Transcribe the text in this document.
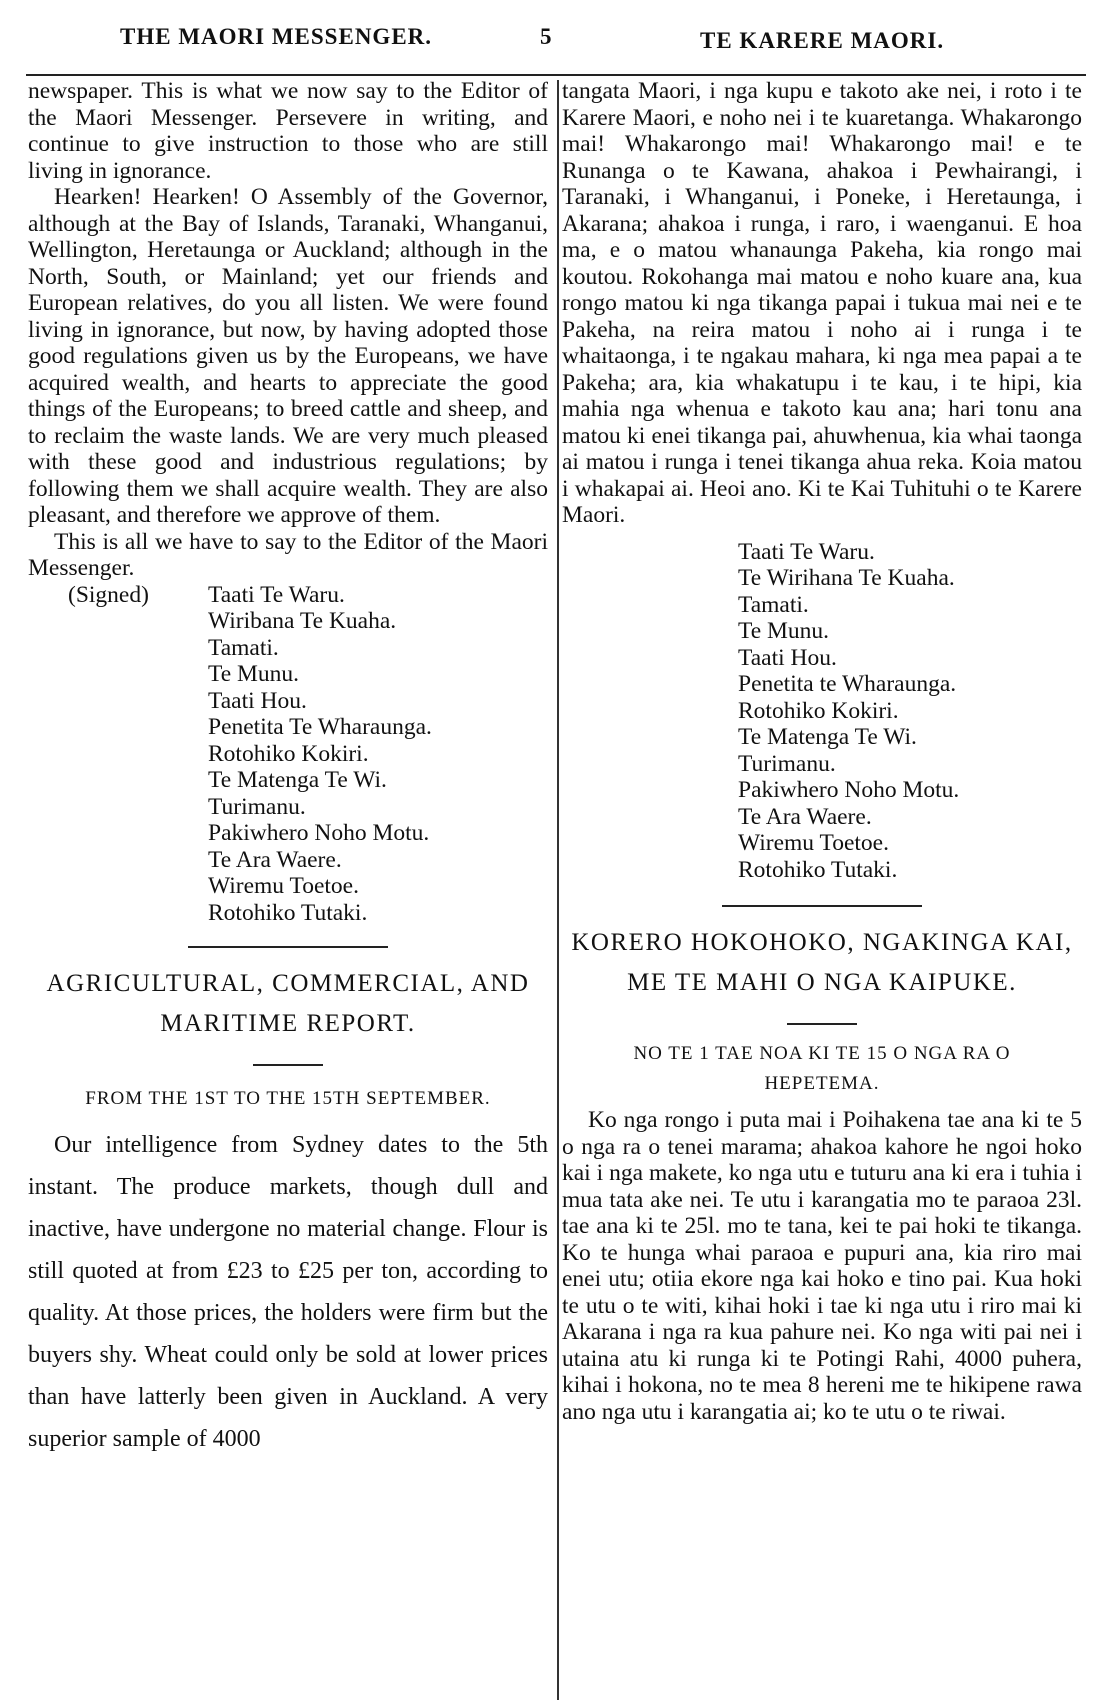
THE MAORI MESSENGER.	5	TE KARERE MAORI.

newspaper. This is what we now say to the Editor of the Maori Messenger. Persevere in writing, and continue to give instruction to those who are still living in ignorance.

Hearken! Hearken! O Assembly of the Governor, although at the Bay of Islands, Taranaki, Whanganui, Wellington, Heretaunga or Auckland; although in the North, South, or Mainland; yet our friends and European relatives, do you all listen. We were found living in ignorance, but now, by having adopted those good regulations given us by the Europeans, we have acquired wealth, and hearts to appreciate the good things of the Europeans; to breed cattle and sheep, and to reclaim the waste lands. We are very much pleased with these good and industrious regulations; by following them we shall acquire wealth. They are also pleasant, and therefore we approve of them.

This is all we have to say to the Editor of the Maori Messenger.

(Signed)	Taati Te Waru.
Wiribana Te Kuaha.
Tamati.
Te Munu.
Taati Hou.
Penetita Te Wharaunga.
Rotohiko Kokiri.
Te Matenga Te Wi.
Turimanu.
Pakiwhero Noho Motu.
Te Ara Waere.
Wiremu Toetoe.
Rotohiko Tutaki.

AGRICULTURAL, COMMERCIAL, AND

MARITIME REPORT.

FROM THE 1ST TO THE 15TH SEPTEMBER.

Our intelligence from Sydney dates to the 5th instant. The produce markets, though dull and inactive, have undergone no material change. Flour is still quoted at from £23 to £25 per ton, according to quality. At those prices, the holders were firm but the buyers shy. Wheat could only be sold at lower prices than have latterly been given in Auckland. A very superior sample of 4000

tangata Maori, i nga kupu e takoto ake nei, i roto i te Karere Maori, e noho nei i te kuaretanga. Whakarongo mai! Whakarongo mai! Whakarongo mai! e te Runanga o te Kawana, ahakoa i Pewhairangi, i Taranaki, i Whanganui, i Poneke, i Heretaunga, i Akarana; ahakoa i runga, i raro, i waenganui. E hoa ma, e o matou whanaunga Pakeha, kia rongo mai koutou. Rokohanga mai matou e noho kuare ana, kua rongo matou ki nga tikanga papai i tukua mai nei e te Pakeha, na reira matou i noho ai i runga i te whaitaonga, i te ngakau mahara, ki nga mea papai a te Pakeha; ara, kia whakatupu i te kau, i te hipi, kia mahia nga whenua e takoto kau ana; hari tonu ana matou ki enei tikanga pai, ahuwhenua, kia whai taonga ai matou i runga i tenei tikanga ahua reka. Koia matou i whakapai ai. Heoi ano. Ki te Kai Tuhituhi o te Karere Maori.

Taati Te Waru.
Te Wirihana Te Kuaha.
Tamati.
Te Munu.
Taati Hou.
Penetita te Wharaunga.
Rotohiko Kokiri.
Te Matenga Te Wi.
Turimanu.
Pakiwhero Noho Motu.
Te Ara Waere.
Wiremu Toetoe.
Rotohiko Tutaki.

KORERO HOKOHOKO, NGAKINGA KAI,

ME TE MAHI O NGA KAIPUKE.

NO TE 1 TAE NOA KI TE 15 O NGA RA O

HEPETEMA.

Ko nga rongo i puta mai i Poihakena tae ana ki te 5 o nga ra o tenei marama; ahakoa kahore he ngoi hoko kai i nga makete, ko nga utu e tuturu ana ki era i tuhia i mua tata ake nei. Te utu i karangatia mo te paraoa 23l. tae ana ki te 25l. mo te tana, kei te pai hoki te tikanga. Ko te hunga whai paraoa e pupuri ana, kia riro mai enei utu; otiia ekore nga kai hoko e tino pai. Kua hoki te utu o te witi, kihai hoki i tae ki nga utu i riro mai ki Akarana i nga ra kua pahure nei. Ko nga witi pai nei i utaina atu ki runga ki te Potingi Rahi, 4000 puhera, kihai i hokona, no te mea 8 hereni me te hikipene rawa ano nga utu i karangatia ai; ko te utu o te riwai.
